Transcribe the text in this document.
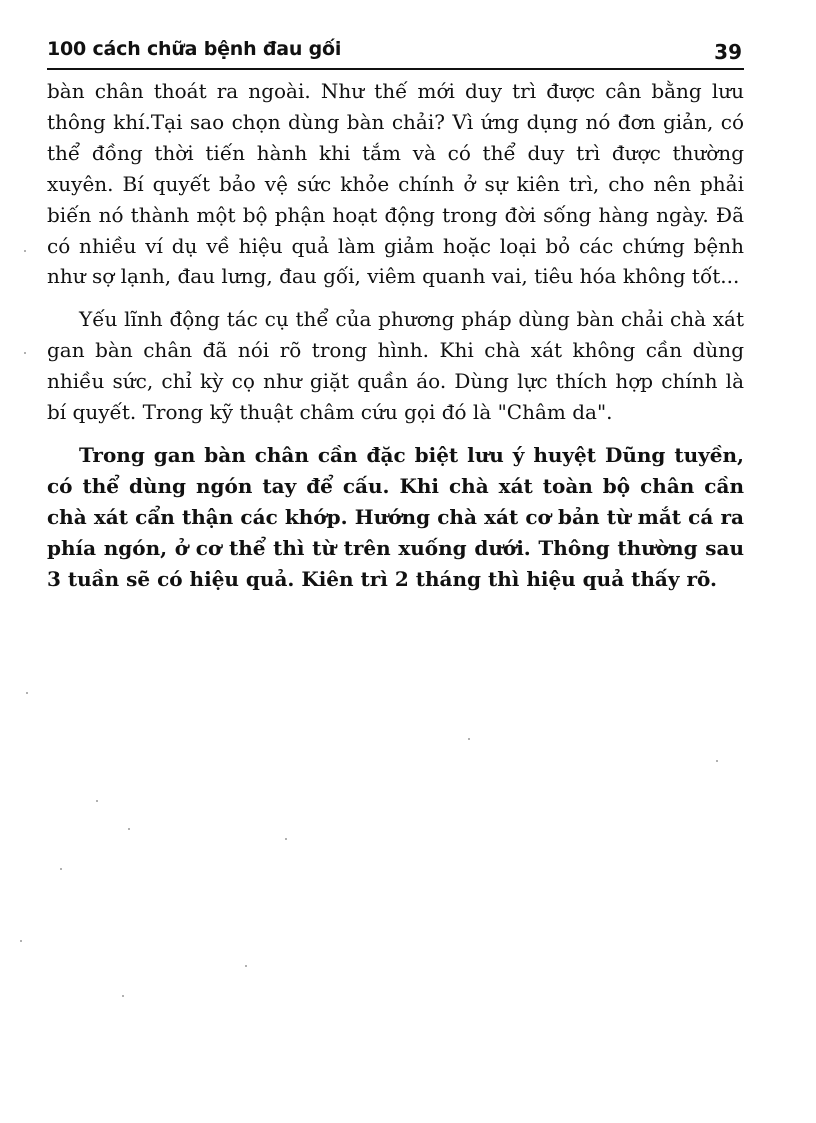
100 cách chữa bệnh đau gối	39

bàn chân thoát ra ngoài. Như thế mới duy trì được cân bằng lưu thông khí.Tại sao chọn dùng bàn chải? Vì ứng dụng nó đơn giản, có thể đồng thời tiến hành khi tắm và có thể duy trì được thường xuyên. Bí quyết bảo vệ sức khỏe chính ở sự kiên trì, cho nên phải biến nó thành một bộ phận hoạt động trong đời sống hàng ngày. Đã có nhiều ví dụ về hiệu quả làm giảm hoặc loại bỏ các chứng bệnh như sợ lạnh, đau lưng, đau gối, viêm quanh vai, tiêu hóa không tốt...

Yếu lĩnh động tác cụ thể của phương pháp dùng bàn chải chà xát gan bàn chân đã nói rõ trong hình. Khi chà xát không cần dùng nhiều sức, chỉ kỳ cọ như giặt quần áo. Dùng lực thích hợp chính là bí quyết. Trong kỹ thuật châm cứu gọi đó là "Châm da".

Trong gan bàn chân cần đặc biệt lưu ý huyệt Dũng tuyền, có thể dùng ngón tay để cấu. Khi chà xát toàn bộ chân cần chà xát cẩn thận các khớp. Hướng chà xát cơ bản từ mắt cá ra phía ngón, ở cơ thể thì từ trên xuống dưới. Thông thường sau 3 tuần sẽ có hiệu quả. Kiên trì 2 tháng thì hiệu quả thấy rõ.
